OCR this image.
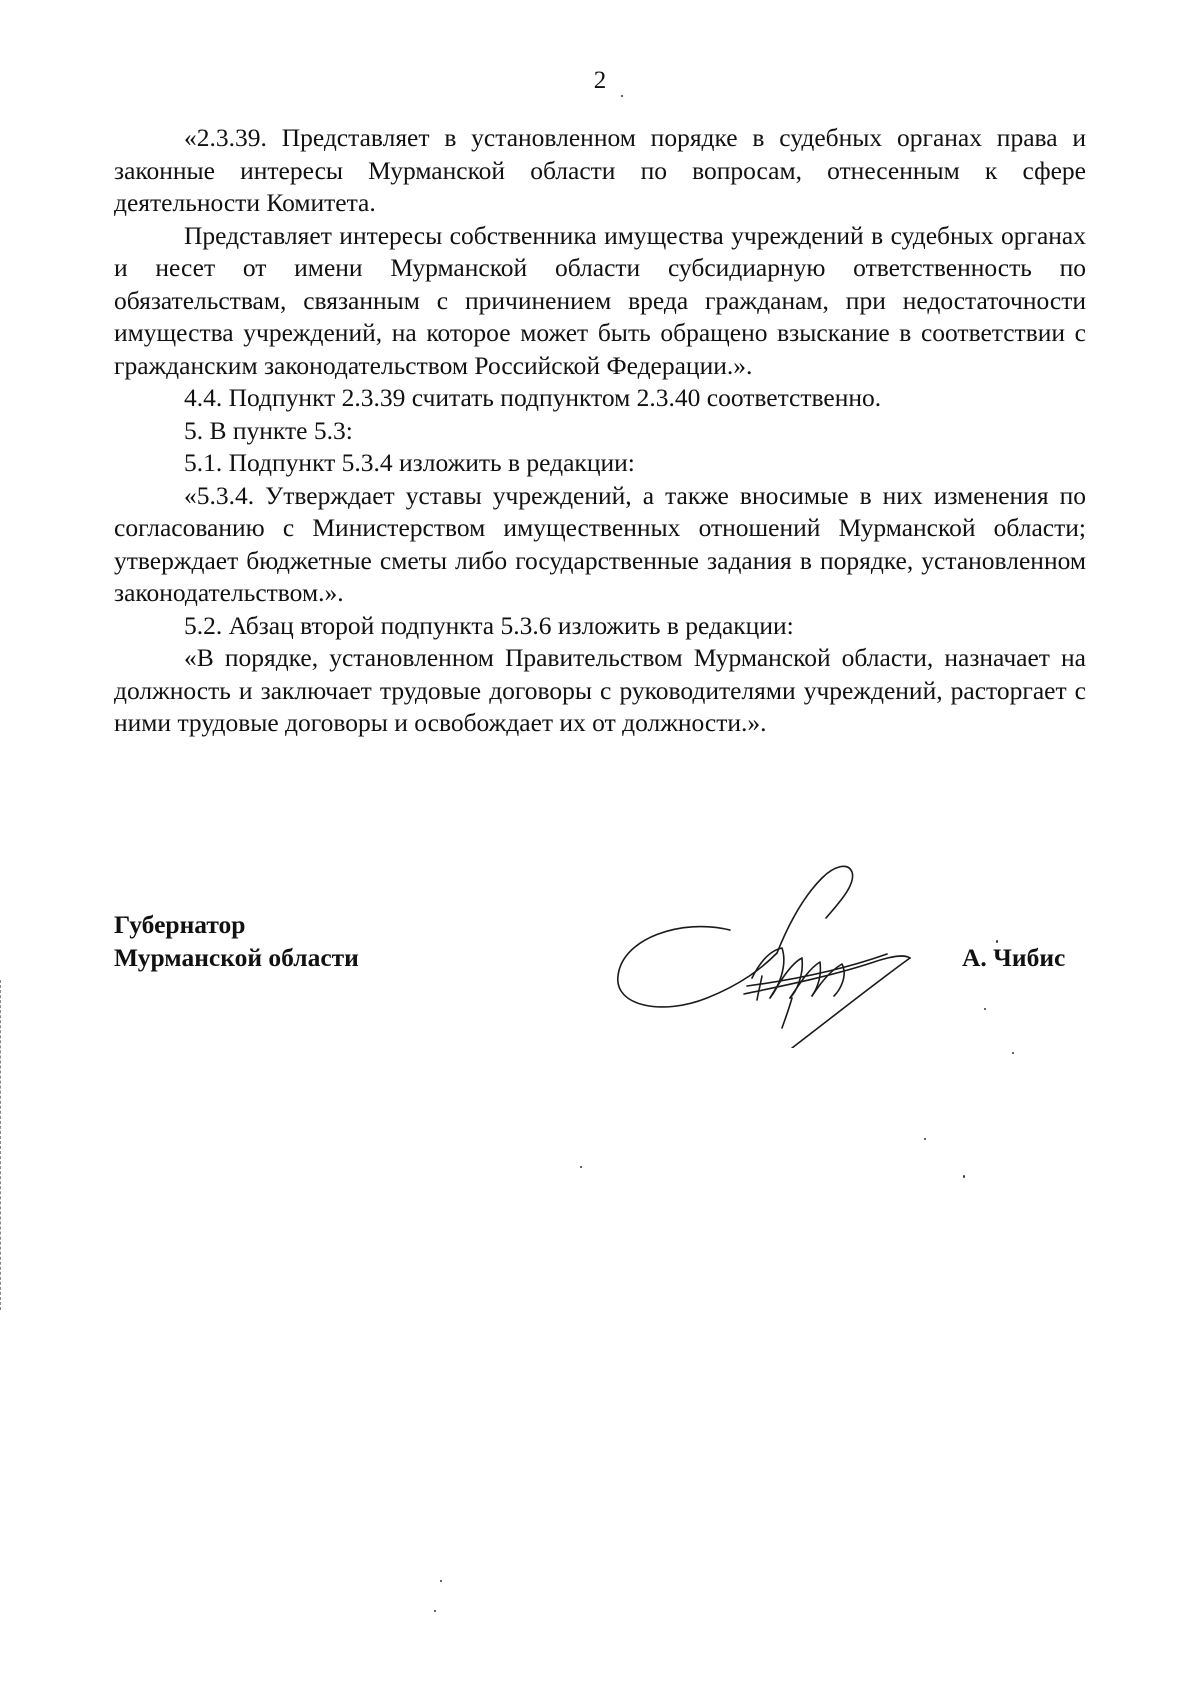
2

«2.3.39. Представляет в установленном порядке в судебных органах права и законные интересы Мурманской области по вопросам, отнесенным к сфере деятельности Комитета.

Представляет интересы собственника имущества учреждений в судебных органах и несет от имени Мурманской области субсидиарную ответственность по обязательствам, связанным с причинением вреда гражданам, при недостаточности имущества учреждений, на которое может быть обращено взыскание в соответствии с гражданским законодательством Российской Федерации.».

4.4. Подпункт 2.3.39 считать подпунктом 2.3.40 соответственно.

5. В пункте 5.3:

5.1. Подпункт 5.3.4 изложить в редакции:

«5.3.4. Утверждает уставы учреждений, а также вносимые в них изменения по согласованию с Министерством имущественных отношений Мурманской области; утверждает бюджетные сметы либо государственные задания в порядке, установленном законодательством.».

5.2. Абзац второй подпункта 5.3.6 изложить в редакции:

«В порядке, установленном Правительством Мурманской области, назначает на должность и заключает трудовые договоры с руководителями учреждений, расторгает с ними трудовые договоры и освобождает их от должности.».

Губернатор
Мурманской области	А. Чибис
